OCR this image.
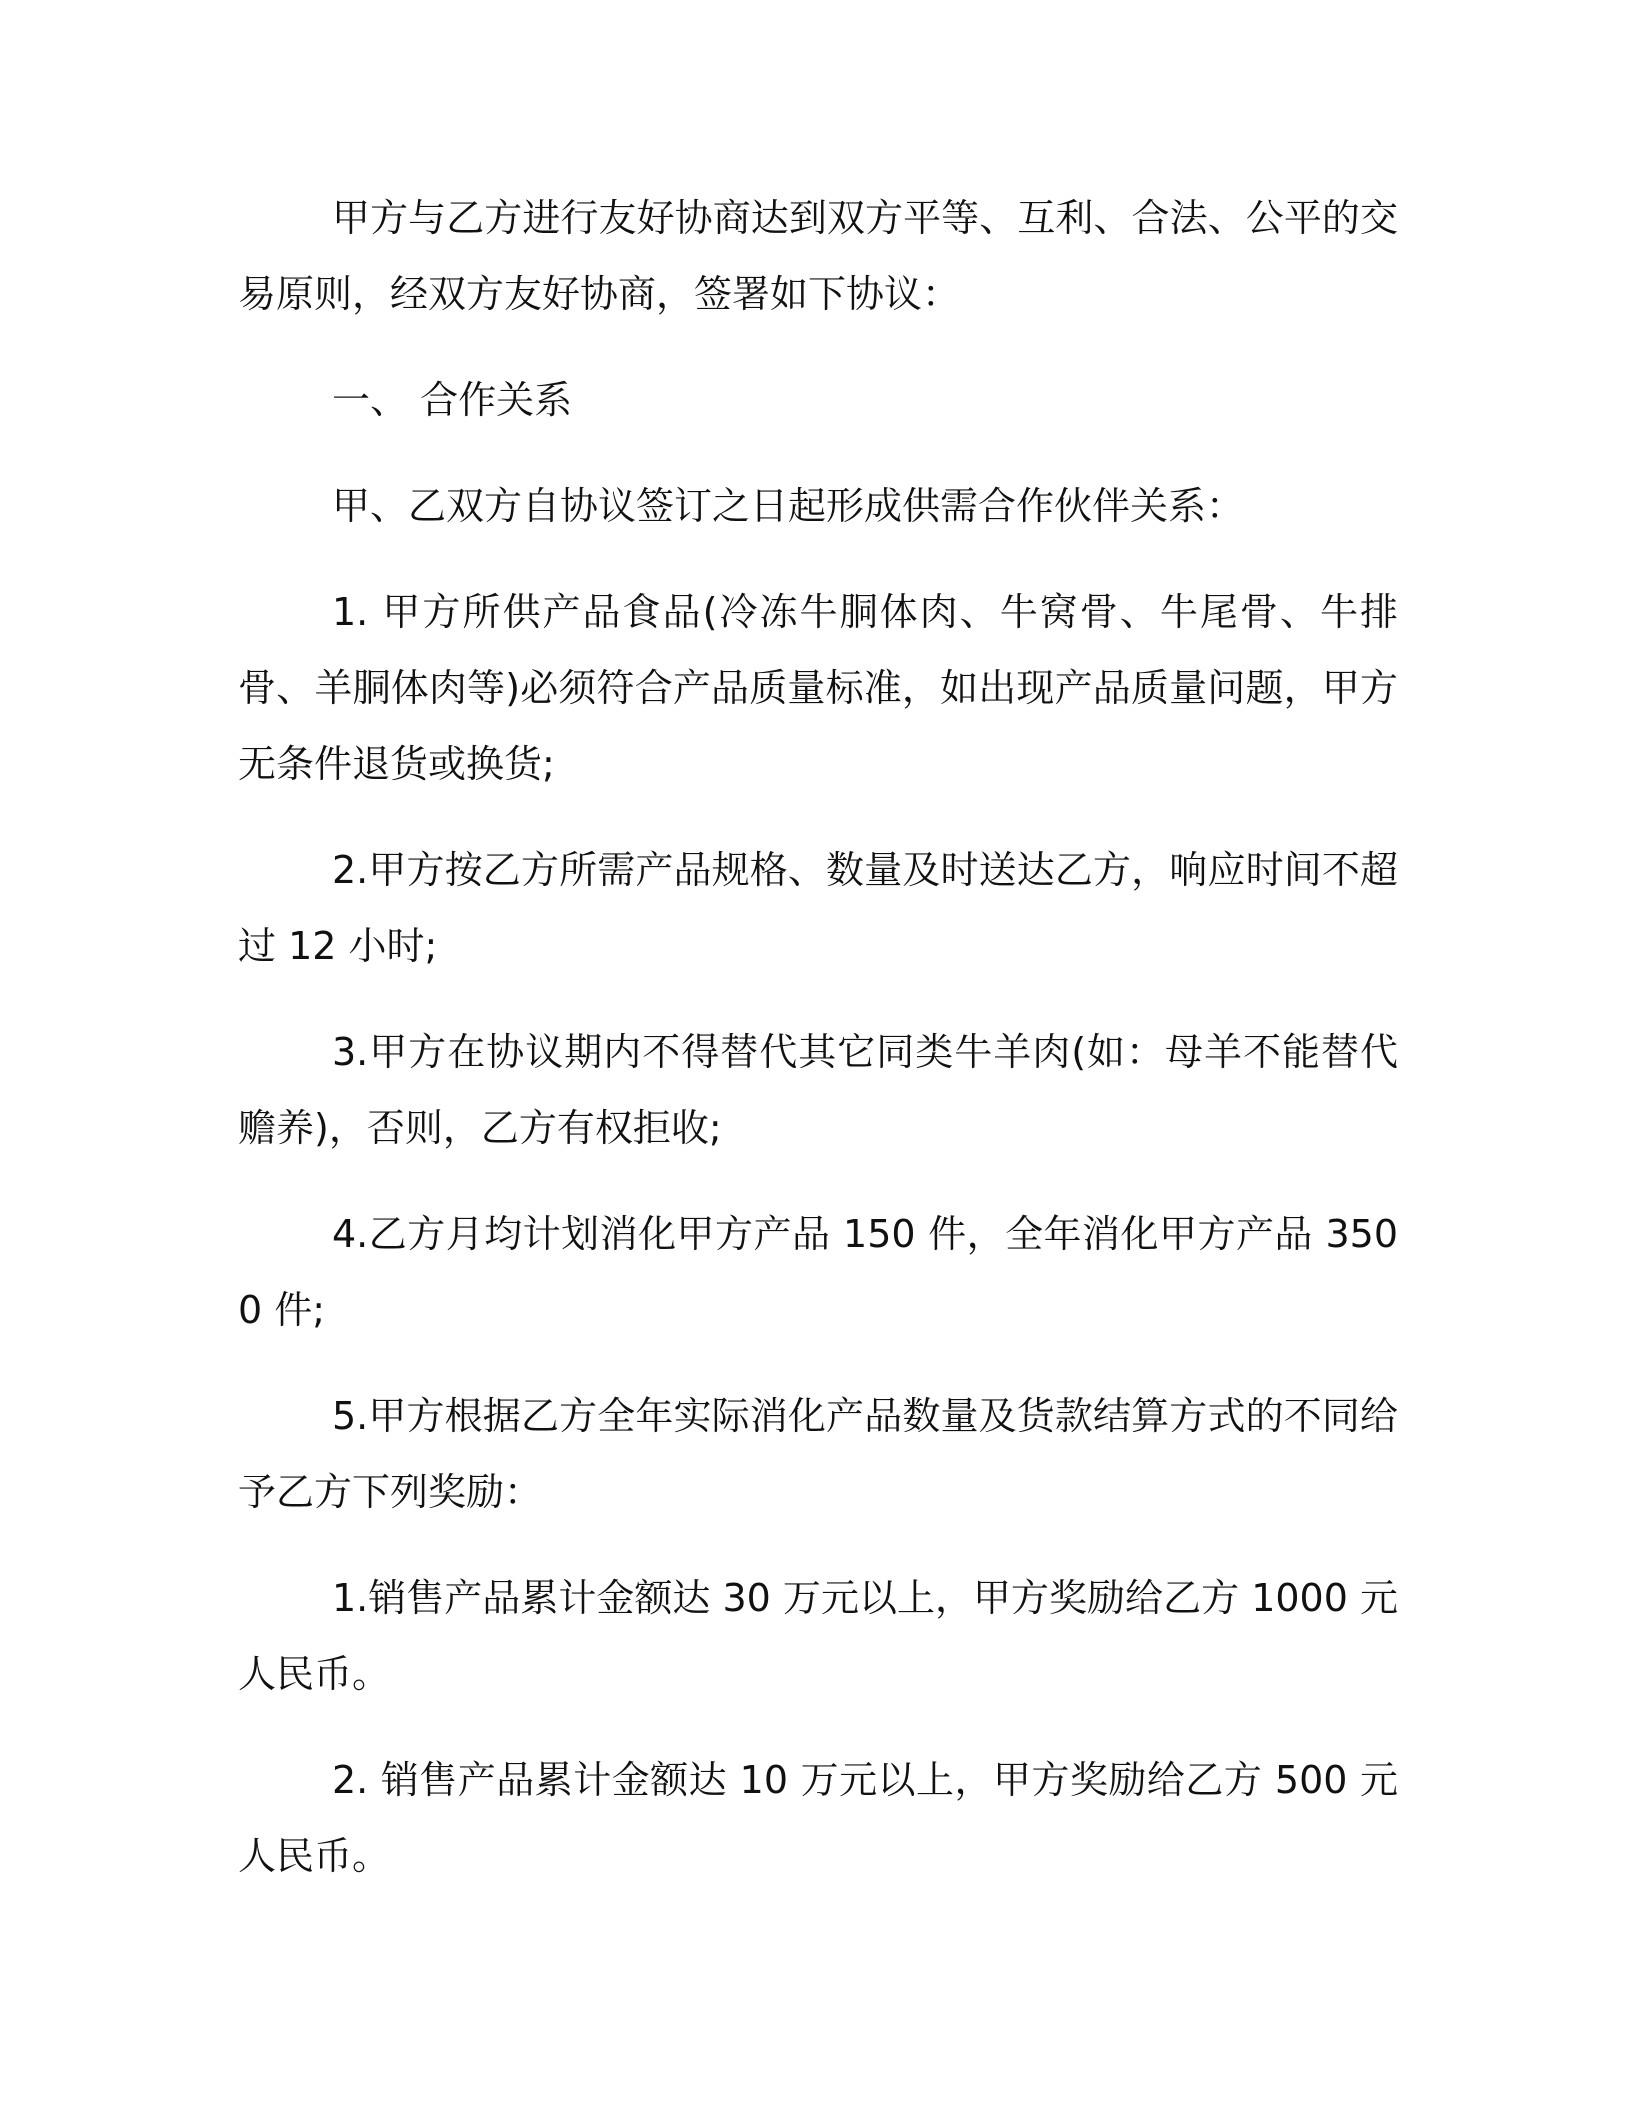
甲方与乙方进行友好协商达到双方平等、互利、合法、公平的交易原则，经双方友好协商，签署如下协议：

一、 合作关系

甲、乙双方自协议签订之日起形成供需合作伙伴关系：

1. 甲方所供产品食品(冷冻牛胴体肉、牛窝骨、牛尾骨、牛排骨、羊胴体肉等)必须符合产品质量标准，如出现产品质量问题，甲方无条件退货或换货;

2.甲方按乙方所需产品规格、数量及时送达乙方，响应时间不超过 12 小时;

3.甲方在协议期内不得替代其它同类牛羊肉(如：母羊不能替代赡养)，否则，乙方有权拒收;

4.乙方月均计划消化甲方产品 150 件，全年消化甲方产品 3500 件;

5.甲方根据乙方全年实际消化产品数量及货款结算方式的不同给予乙方下列奖励：

1.销售产品累计金额达 30 万元以上，甲方奖励给乙方 1000 元人民币。

2. 销售产品累计金额达 10 万元以上，甲方奖励给乙方 500 元人民币。
